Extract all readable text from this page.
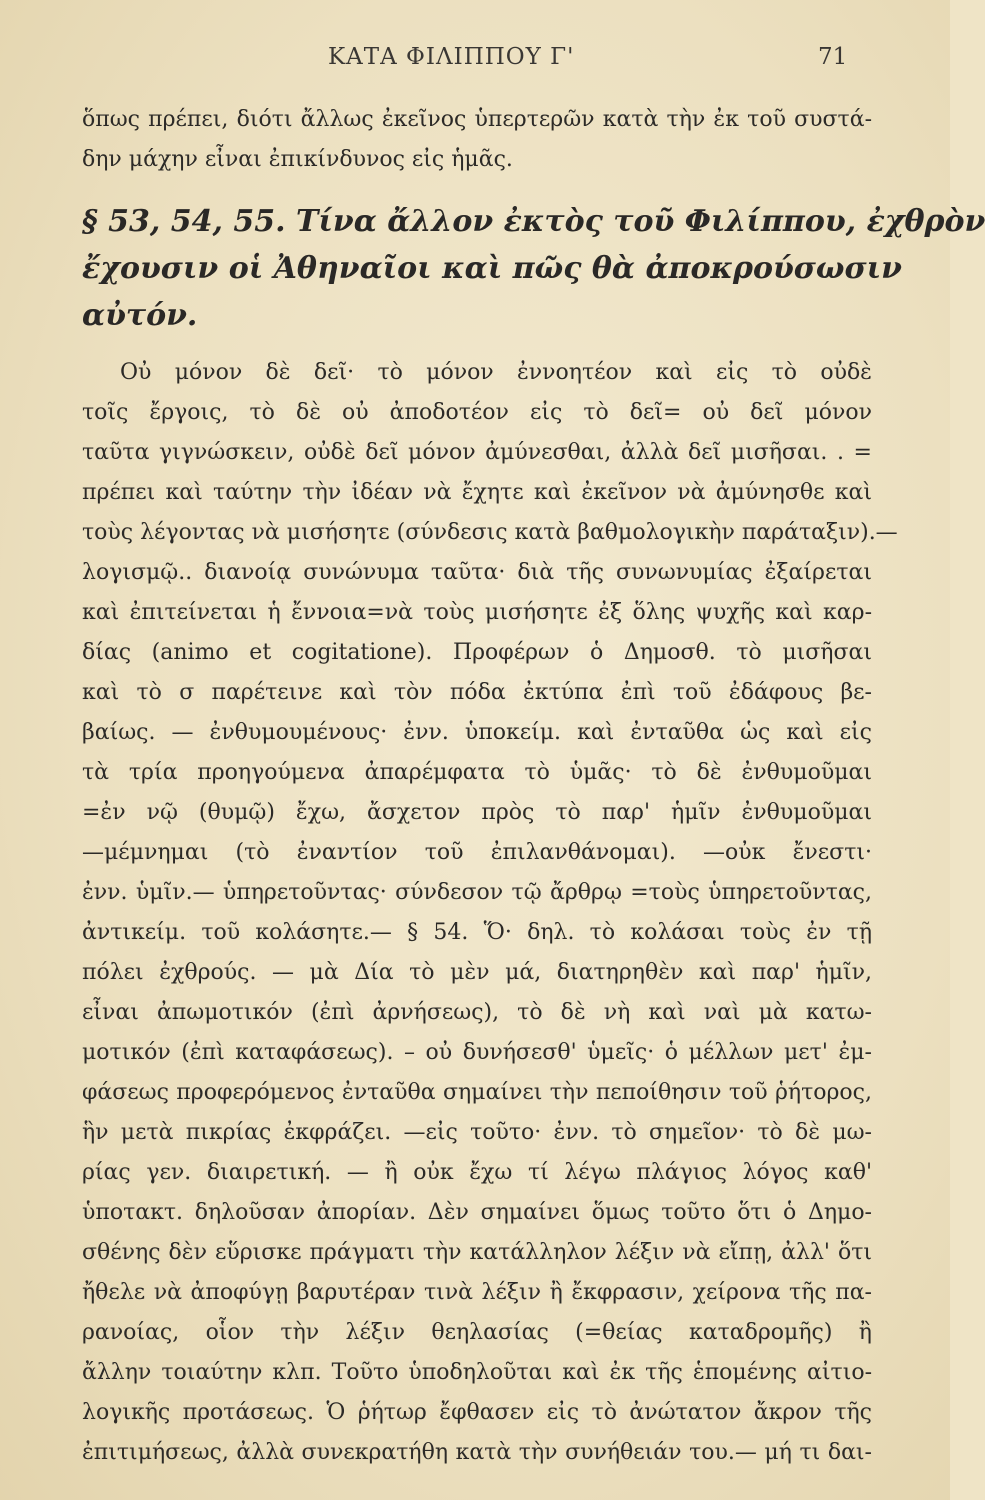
ΚΑΤΑ ΦΙΛΙΠΠΟΥ Γ'	71
ὅπως πρέπει, διότι ἄλλως ἐκεῖνος ὑπερτερῶν κατὰ τὴν ἐκ τοῦ συστά-
δην μάχην εἶναι ἐπικίνδυνος εἰς ἡμᾶς.
§ 53, 54, 55. Τίνα ἄλλον ἐκτὸς τοῦ Φιλίππου, ἐχθρὸν
ἔχουσιν οἱ Ἀθηναῖοι καὶ πῶς θὰ ἀποκρούσωσιν
αὐτόν.
Οὐ μόνον δὲ δεῖ· τὸ μόνον ἐννοητέον καὶ εἰς τὸ οὐδὲ
τοῖς ἔργοις, τὸ δὲ οὐ ἀποδοτέον εἰς τὸ δεῖ= οὐ δεῖ μόνον
ταῦτα γιγνώσκειν, οὐδὲ δεῖ μόνον ἀμύνεσθαι, ἀλλὰ δεῖ μισῆσαι. . =
πρέπει καὶ ταύτην τὴν ἰδέαν νὰ ἔχητε καὶ ἐκεῖνον νὰ ἀμύνησθε καὶ
τοὺς λέγοντας νὰ μισήσητε (σύνδεσις κατὰ βαθμολογικὴν παράταξιν).—
λογισμῷ.. διανοίᾳ συνώνυμα ταῦτα· διὰ τῆς συνωνυμίας ἐξαίρεται
καὶ ἐπιτείνεται ἡ ἔννοια=νὰ τοὺς μισήσητε ἐξ ὅλης ψυχῆς καὶ καρ-
δίας (animo et cogitatione). Προφέρων ὁ Δημοσθ. τὸ μισῆσαι
καὶ τὸ σ παρέτεινε καὶ τὸν πόδα ἐκτύπα ἐπὶ τοῦ ἐδάφους βε-
βαίως. — ἐνθυμουμένους· ἐνν. ὑποκείμ. καὶ ἐνταῦθα ὡς καὶ εἰς
τὰ τρία προηγούμενα ἀπαρέμφατα τὸ ὑμᾶς· τὸ δὲ ἐνθυμοῦμαι
=ἐν νῷ (θυμῷ) ἔχω, ἄσχετον πρὸς τὸ παρ' ἡμῖν ἐνθυμοῦμαι
—μέμνημαι (τὸ ἐναντίον τοῦ ἐπιλανθάνομαι). —οὐκ ἔνεστι·
ἐνν. ὑμῖν.— ὑπηρετοῦντας· σύνδεσον τῷ ἄρθρῳ =τοὺς ὑπηρετοῦντας,
ἀντικείμ. τοῦ κολάσητε.— § 54. Ὅ· δηλ. τὸ κολάσαι τοὺς ἐν τῇ
πόλει ἐχθρούς. — μὰ Δία τὸ μὲν μά, διατηρηθὲν καὶ παρ' ἡμῖν,
εἶναι ἀπωμοτικόν (ἐπὶ ἀρνήσεως), τὸ δὲ νὴ καὶ ναὶ μὰ κατω-
μοτικόν (ἐπὶ καταφάσεως). – οὐ δυνήσεσθ' ὑμεῖς· ὁ μέλλων μετ' ἐμ-
φάσεως προφερόμενος ἐνταῦθα σημαίνει τὴν πεποίθησιν τοῦ ῥήτορος,
ἣν μετὰ πικρίας ἐκφράζει. —εἰς τοῦτο· ἐνν. τὸ σημεῖον· τὸ δὲ μω-
ρίας γεν. διαιρετική. — ἢ οὐκ ἔχω τί λέγω πλάγιος λόγος καθ'
ὑποτακτ. δηλοῦσαν ἀπορίαν. Δὲν σημαίνει ὅμως τοῦτο ὅτι ὁ Δημο-
σθένης δὲν εὕρισκε πράγματι τὴν κατάλληλον λέξιν νὰ εἴπῃ, ἀλλ' ὅτι
ἤθελε νὰ ἀποφύγῃ βαρυτέραν τινὰ λέξιν ἢ ἔκφρασιν, χείρονα τῆς πα-
ρανοίας, οἷον τὴν λέξιν θεηλασίας (=θείας καταδρομῆς) ἢ
ἄλλην τοιαύτην κλπ. Τοῦτο ὑποδηλοῦται καὶ ἐκ τῆς ἑπομένης αἰτιο-
λογικῆς προτάσεως. Ὁ ῥήτωρ ἔφθασεν εἰς τὸ ἀνώτατον ἄκρον τῆς
ἐπιτιμήσεως, ἀλλὰ συνεκρατήθη κατὰ τὴν συνήθειάν του.— μή τι δαι-
